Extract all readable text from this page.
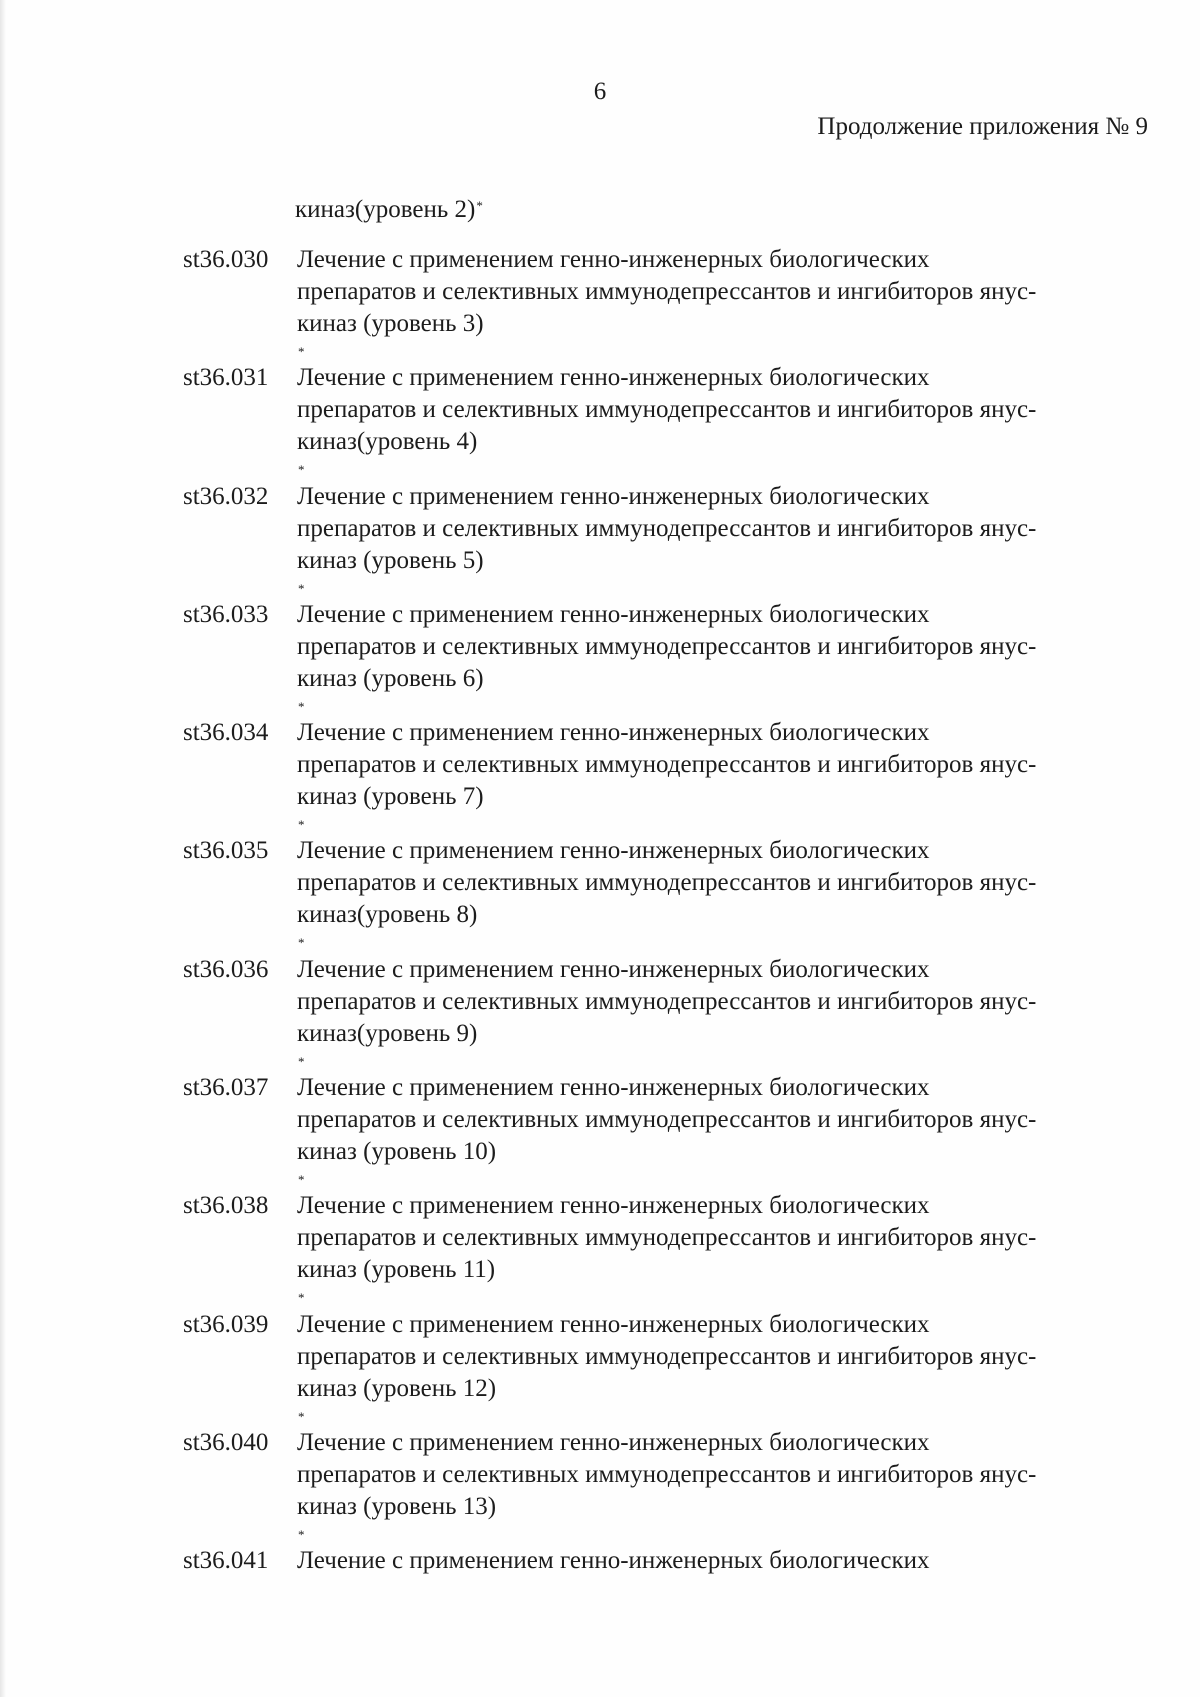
6
Продолжение приложения № 9
киназ(уровень 2)*
st36.030	Лечение с применением генно-инженерных биологических
препаратов и селективных иммунодепрессантов и ингибиторов янус-
киназ (уровень 3)
*
st36.031	Лечение с применением генно-инженерных биологических
препаратов и селективных иммунодепрессантов и ингибиторов янус-
киназ(уровень 4)
*
st36.032	Лечение с применением генно-инженерных биологических
препаратов и селективных иммунодепрессантов и ингибиторов янус-
киназ (уровень 5)
*
st36.033	Лечение с применением генно-инженерных биологических
препаратов и селективных иммунодепрессантов и ингибиторов янус-
киназ (уровень 6)
*
st36.034	Лечение с применением генно-инженерных биологических
препаратов и селективных иммунодепрессантов и ингибиторов янус-
киназ (уровень 7)
*
st36.035	Лечение с применением генно-инженерных биологических
препаратов и селективных иммунодепрессантов и ингибиторов янус-
киназ(уровень 8)
*
st36.036	Лечение с применением генно-инженерных биологических
препаратов и селективных иммунодепрессантов и ингибиторов янус-
киназ(уровень 9)
*
st36.037	Лечение с применением генно-инженерных биологических
препаратов и селективных иммунодепрессантов и ингибиторов янус-
киназ (уровень 10)
*
st36.038	Лечение с применением генно-инженерных биологических
препаратов и селективных иммунодепрессантов и ингибиторов янус-
киназ (уровень 11)
*
st36.039	Лечение с применением генно-инженерных биологических
препаратов и селективных иммунодепрессантов и ингибиторов янус-
киназ (уровень 12)
*
st36.040	Лечение с применением генно-инженерных биологических
препаратов и селективных иммунодепрессантов и ингибиторов янус-
киназ (уровень 13)
*
st36.041	Лечение с применением генно-инженерных биологических
